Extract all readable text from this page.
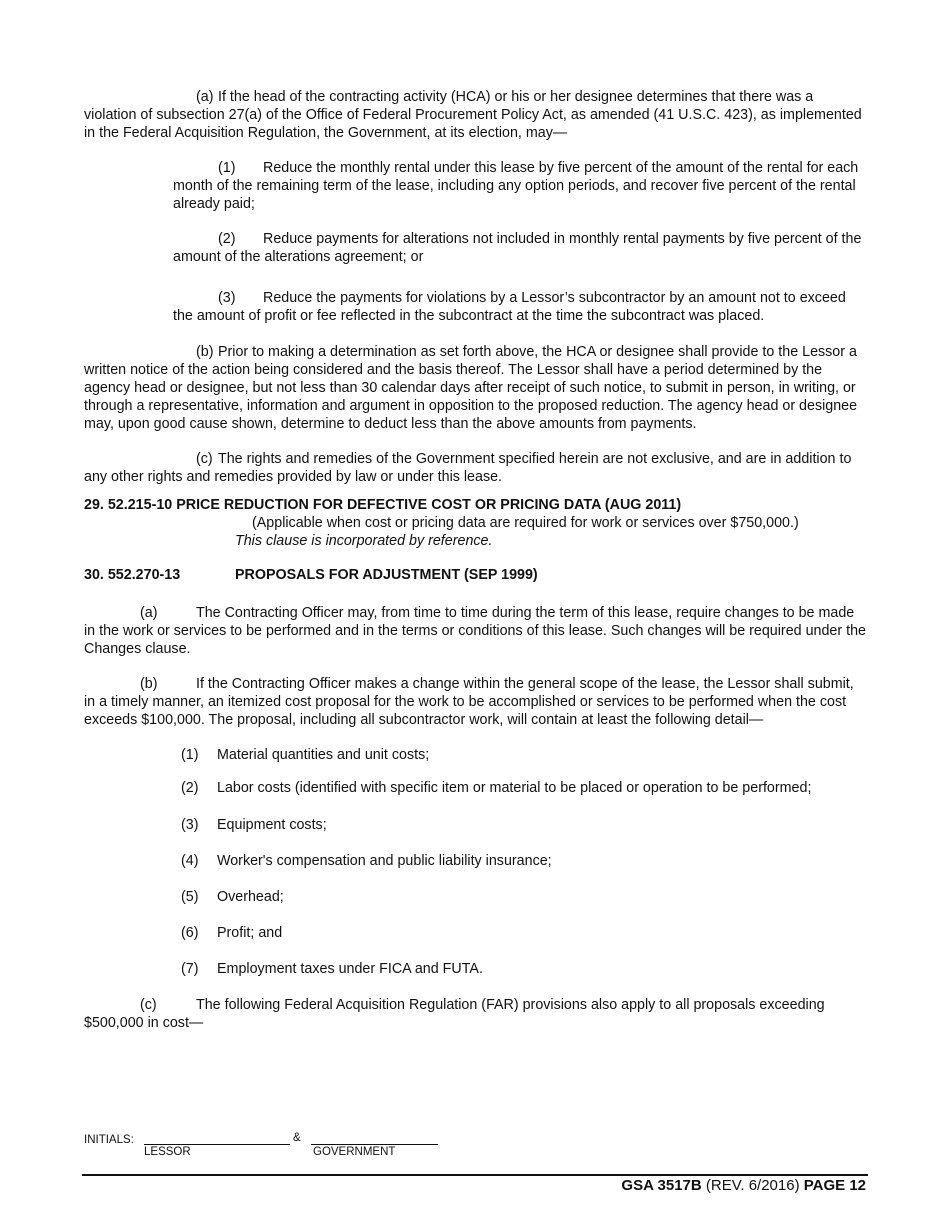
(a) If the head of the contracting activity (HCA) or his or her designee determines that there was a violation of subsection 27(a) of the Office of Federal Procurement Policy Act, as amended (41 U.S.C. 423), as implemented in the Federal Acquisition Regulation, the Government, at its election, may—

(1) Reduce the monthly rental under this lease by five percent of the amount of the rental for each month of the remaining term of the lease, including any option periods, and recover five percent of the rental already paid;

(2) Reduce payments for alterations not included in monthly rental payments by five percent of the amount of the alterations agreement; or

(3) Reduce the payments for violations by a Lessor’s subcontractor by an amount not to exceed the amount of profit or fee reflected in the subcontract at the time the subcontract was placed.

(b) Prior to making a determination as set forth above, the HCA or designee shall provide to the Lessor a written notice of the action being considered and the basis thereof. The Lessor shall have a period determined by the agency head or designee, but not less than 30 calendar days after receipt of such notice, to submit in person, in writing, or through a representative, information and argument in opposition to the proposed reduction. The agency head or designee may, upon good cause shown, determine to deduct less than the above amounts from payments.

(c) The rights and remedies of the Government specified herein are not exclusive, and are in addition to any other rights and remedies provided by law or under this lease.

29. 52.215-10 PRICE REDUCTION FOR DEFECTIVE COST OR PRICING DATA (AUG 2011)

(Applicable when cost or pricing data are required for work or services over $750,000.)

This clause is incorporated by reference.

30. 552.270-13	PROPOSALS FOR ADJUSTMENT (SEP 1999)

(a)	The Contracting Officer may, from time to time during the term of this lease, require changes to be made in the work or services to be performed and in the terms or conditions of this lease. Such changes will be required under the Changes clause.

(b)	If the Contracting Officer makes a change within the general scope of the lease, the Lessor shall submit, in a timely manner, an itemized cost proposal for the work to be accomplished or services to be performed when the cost exceeds $100,000. The proposal, including all subcontractor work, will contain at least the following detail—

(1) Material quantities and unit costs;
(2) Labor costs (identified with specific item or material to be placed or operation to be performed;
(3) Equipment costs;
(4) Worker's compensation and public liability insurance;
(5) Overhead;
(6) Profit; and
(7) Employment taxes under FICA and FUTA.

(c)	The following Federal Acquisition Regulation (FAR) provisions also apply to all proposals exceeding $500,000 in cost—

INITIALS:
LESSOR
&
GOVERNMENT
GSA 3517B (REV. 6/2016) PAGE 12
